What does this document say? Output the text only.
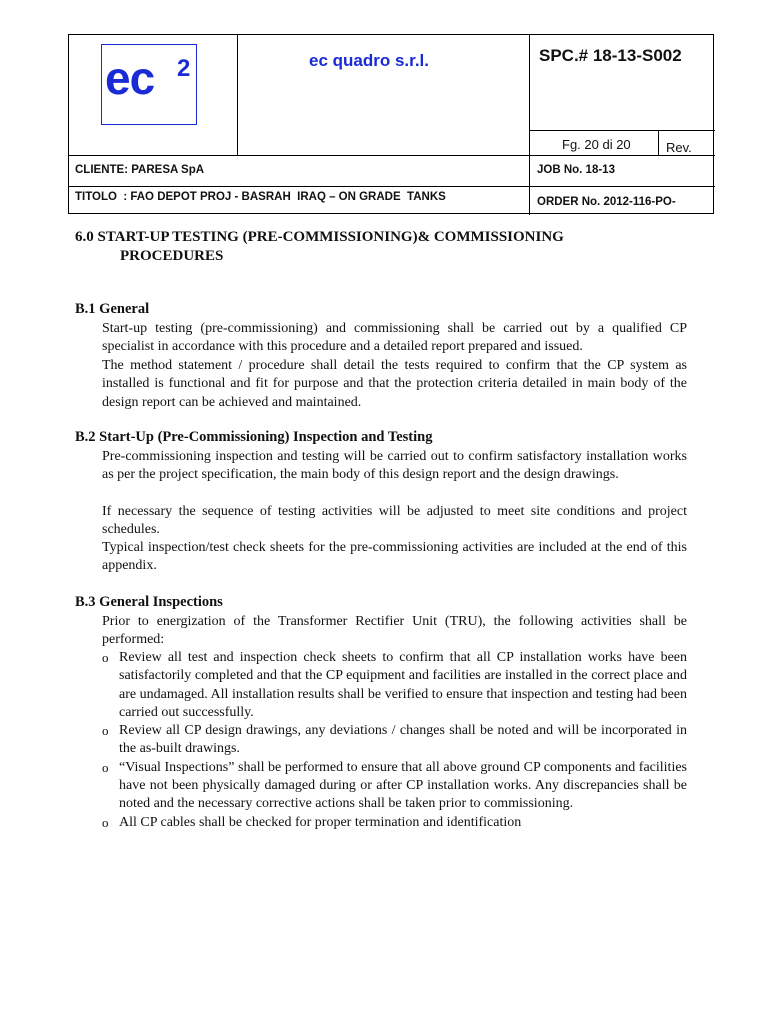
ec 2	ec quadro s.r.l.	SPC.# 18-13-S002
Fg. 20 di 20	Rev.
CLIENTE: PARESA SpA	JOB No. 18-13
TITOLO  : FAO DEPOT PROJ - BASRAH  IRAQ – ON GRADE  TANKS	ORDER No. 2012-116-PO-
6.0 START-UP TESTING (PRE-COMMISSIONING)& COMMISSIONING
PROCEDURES
B.1 General
Start-up testing (pre-commissioning) and commissioning shall be carried out by a qualified CP specialist in accordance with this procedure and a detailed report prepared and issued.
The method statement / procedure shall detail the tests required to confirm that the CP system as installed is functional and fit for purpose and that the protection criteria detailed in main body of the design report can be achieved and maintained.
B.2 Start-Up (Pre-Commissioning) Inspection and Testing
Pre-commissioning inspection and testing will be carried out to confirm satisfactory installation works as per the project specification, the main body of this design report and the design drawings.
If necessary the sequence of testing activities will be adjusted to meet site conditions and project schedules.
Typical inspection/test check sheets for the pre-commissioning activities are included at the end of this appendix.
B.3 General Inspections
Prior to energization of the Transformer Rectifier Unit (TRU), the following activities shall be performed:
o Review all test and inspection check sheets to confirm that all CP installation works have been satisfactorily completed and that the CP equipment and facilities are installed in the correct place and are undamaged. All installation results shall be verified to ensure that inspection and testing had been carried out successfully.
o Review all CP design drawings, any deviations / changes shall be noted and will be incorporated in the as-built drawings.
o “Visual Inspections” shall be performed to ensure that all above ground CP components and facilities have not been physically damaged during or after CP installation works. Any discrepancies shall be noted and the necessary corrective actions shall be taken prior to commissioning.
o All CP cables shall be checked for proper termination and identification
